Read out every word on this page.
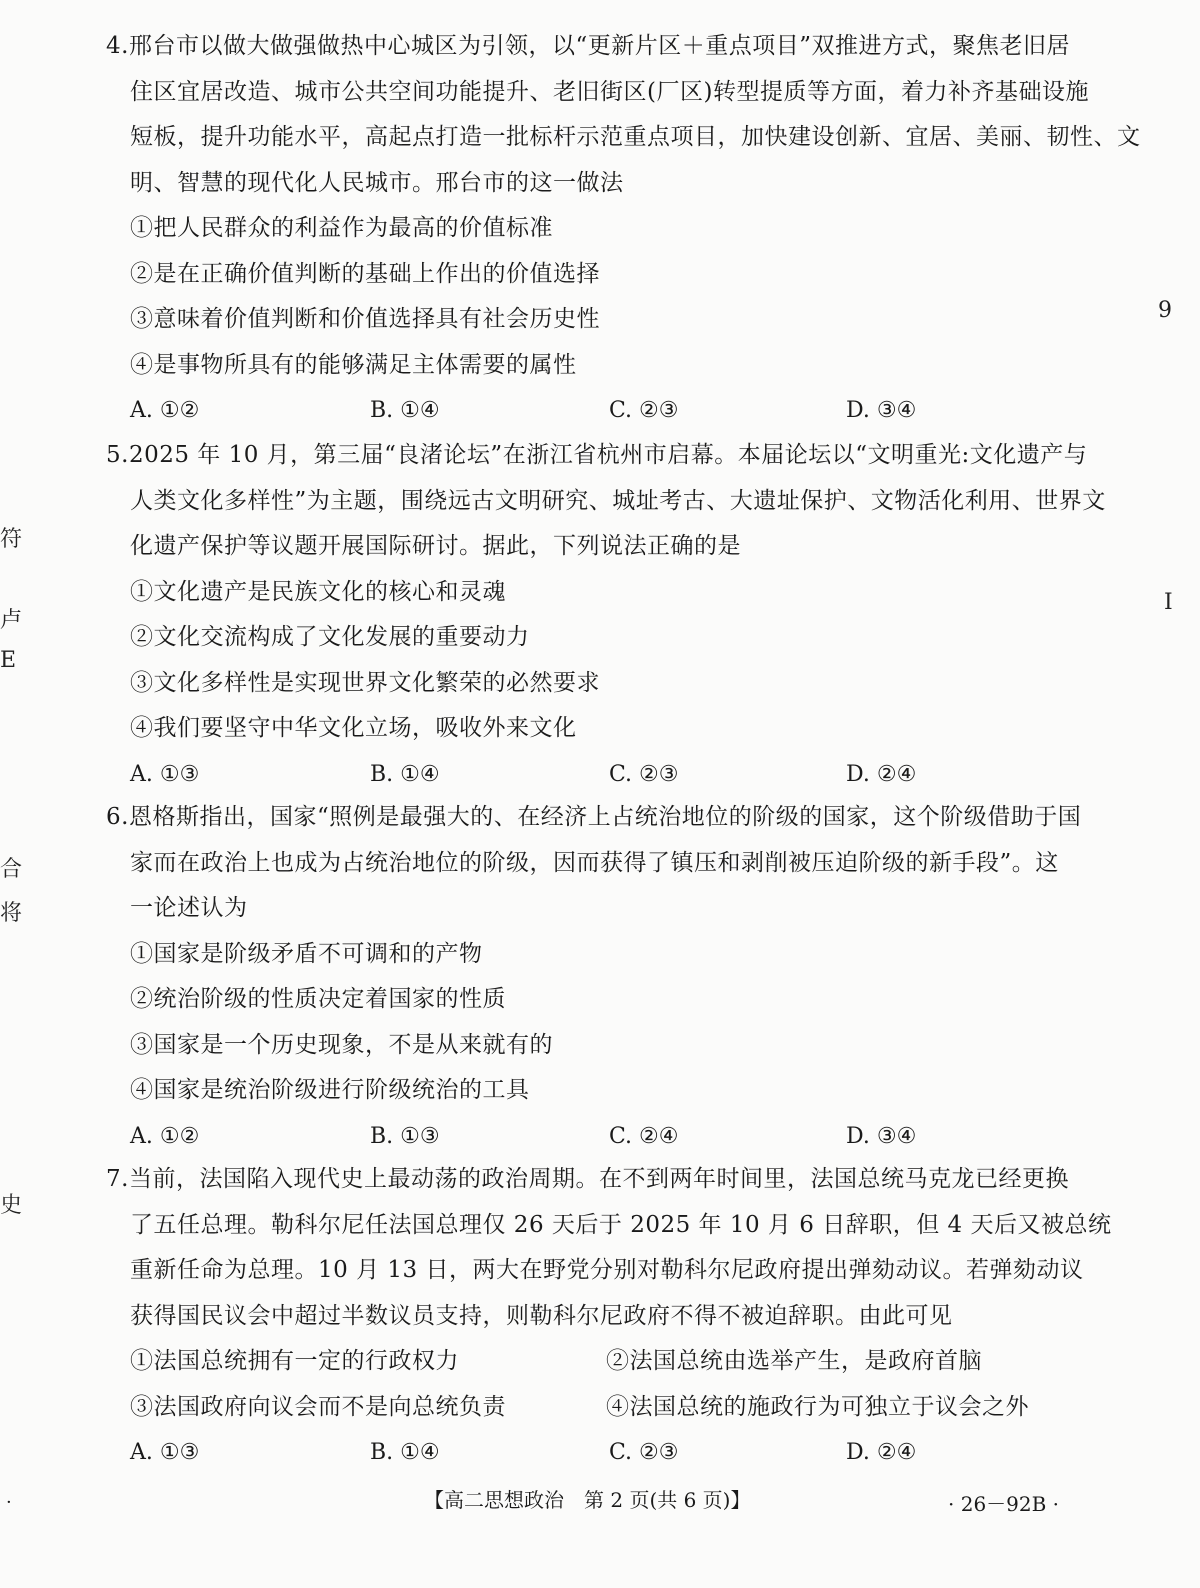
4.邢台市以做大做强做热中心城区为引领，以“更新片区＋重点项目”双推进方式，聚焦老旧居
住区宜居改造、城市公共空间功能提升、老旧街区(厂区)转型提质等方面，着力补齐基础设施
短板，提升功能水平，高起点打造一批标杆示范重点项目，加快建设创新、宜居、美丽、韧性、文
明、智慧的现代化人民城市。邢台市的这一做法
①把人民群众的利益作为最高的价值标准
②是在正确价值判断的基础上作出的价值选择
③意味着价值判断和价值选择具有社会历史性
④是事物所具有的能够满足主体需要的属性
A. ①②	B. ①④	C. ②③	D. ③④
5.2025 年 10 月，第三届“良渚论坛”在浙江省杭州市启幕。本届论坛以“文明重光:文化遗产与
人类文化多样性”为主题，围绕远古文明研究、城址考古、大遗址保护、文物活化利用、世界文
化遗产保护等议题开展国际研讨。据此，下列说法正确的是
①文化遗产是民族文化的核心和灵魂
②文化交流构成了文化发展的重要动力
③文化多样性是实现世界文化繁荣的必然要求
④我们要坚守中华文化立场，吸收外来文化
A. ①③	B. ①④	C. ②③	D. ②④
6.恩格斯指出，国家“照例是最强大的、在经济上占统治地位的阶级的国家，这个阶级借助于国
家而在政治上也成为占统治地位的阶级，因而获得了镇压和剥削被压迫阶级的新手段”。这
一论述认为
①国家是阶级矛盾不可调和的产物
②统治阶级的性质决定着国家的性质
③国家是一个历史现象，不是从来就有的
④国家是统治阶级进行阶级统治的工具
A. ①②	B. ①③	C. ②④	D. ③④
7.当前，法国陷入现代史上最动荡的政治周期。在不到两年时间里，法国总统马克龙已经更换
了五任总理。勒科尔尼任法国总理仅 26 天后于 2025 年 10 月 6 日辞职，但 4 天后又被总统
重新任命为总理。10 月 13 日，两大在野党分别对勒科尔尼政府提出弹劾动议。若弹劾动议
获得国民议会中超过半数议员支持，则勒科尔尼政府不得不被迫辞职。由此可见
①法国总统拥有一定的行政权力	②法国总统由选举产生，是政府首脑
③法国政府向议会而不是向总统负责	④法国总统的施政行为可独立于议会之外
A. ①③	B. ①④	C. ②③	D. ②④
9
I
符
卢
E
合
将
史
【高二思想政治　第 2 页(共 6 页)】	· 26－92B ·
·
